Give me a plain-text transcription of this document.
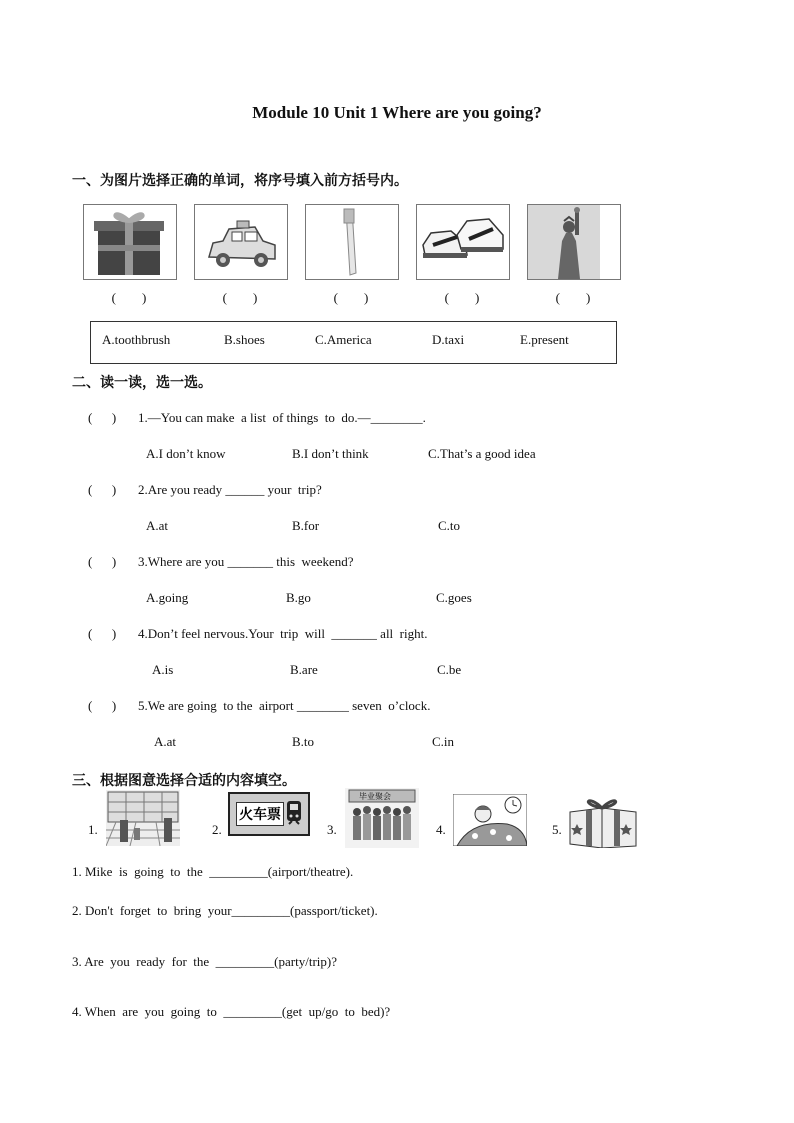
Module 10 Unit 1 Where are you going?
一、为图片选择正确的单词，将序号填入前方括号内。
(        )	(        )	(        )	(        )	(        )
A.toothbrush	B.shoes	C.America	D.taxi	E.present
二、读一读，选一选。
(      ) 1.—You can make  a list  of things  to  do.—________.
A.I don’t know	B.I don’t think	C.That’s a good idea
(      ) 2.Are you ready ______ your  trip?
A.at	B.for	C.to
(      ) 3.Where are you _______ this  weekend?
A.going	B.go	C.goes
(      ) 4.Don’t feel nervous.Your  trip  will  _______ all  right.
A.is	B.are	C.be
(      ) 5.We are going  to the  airport ________ seven  o’clock.
A.at	B.to	C.in
三、根据图意选择合适的内容填空。
1.	2.
火车票
3.
毕业聚会
4.	5.
1. Mike  is  going  to  the  _________(airport/theatre).
2. Don't  forget  to  bring  your_________(passport/ticket).
3. Are  you  ready  for  the  _________(party/trip)?
4. When  are  you  going  to  _________(get  up/go  to  bed)?
